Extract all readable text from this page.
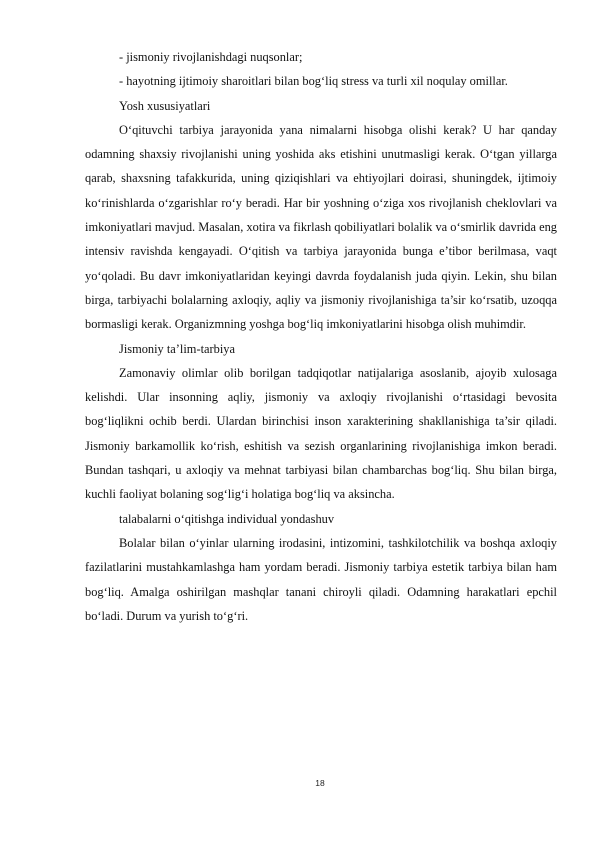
- jismoniy rivojlanishdagi nuqsonlar;

- hayotning ijtimoiy sharoitlari bilan bog‘liq stress va turli xil noqulay omillar.

Yosh xususiyatlari

O‘qituvchi tarbiya jarayonida yana nimalarni hisobga olishi kerak? U har qanday odamning shaxsiy rivojlanishi uning yoshida aks etishini unutmasligi kerak. O‘tgan yillarga qarab, shaxsning tafakkurida, uning qiziqishlari va ehtiyojlari doirasi, shuningdek, ijtimoiy ko‘rinishlarda o‘zgarishlar ro‘y beradi. Har bir yoshning o‘ziga xos rivojlanish cheklovlari va imkoniyatlari mavjud. Masalan, xotira va fikrlash qobiliyatlari bolalik va o‘smirlik davrida eng intensiv ravishda kengayadi. O‘qitish va tarbiya jarayonida bunga e’tibor berilmasa, vaqt yo‘qoladi. Bu davr imkoniyatlaridan keyingi davrda foydalanish juda qiyin. Lekin, shu bilan birga, tarbiyachi bolalarning axloqiy, aqliy va jismoniy rivojlanishiga ta’sir ko‘rsatib, uzoqqa bormasligi kerak. Organizmning yoshga bog‘liq imkoniyatlarini hisobga olish muhimdir.

Jismoniy ta’lim-tarbiya

Zamonaviy olimlar olib borilgan tadqiqotlar natijalariga asoslanib, ajoyib xulosaga kelishdi. Ular insonning aqliy, jismoniy va axloqiy rivojlanishi o‘rtasidagi bevosita bog‘liqlikni ochib berdi. Ulardan birinchisi inson xarakterining shakllanishiga ta’sir qiladi. Jismoniy barkamollik ko‘rish, eshitish va sezish organlarining rivojlanishiga imkon beradi. Bundan tashqari, u axloqiy va mehnat tarbiyasi bilan chambarchas bog‘liq. Shu bilan birga, kuchli faoliyat bolaning sog‘lig‘i holatiga bog‘liq va aksincha.

talabalarni o‘qitishga individual yondashuv

Bolalar bilan o‘yinlar ularning irodasini, intizomini, tashkilotchilik va boshqa axloqiy fazilatlarini mustahkamlashga ham yordam beradi. Jismoniy tarbiya estetik tarbiya bilan ham bog‘liq. Amalga oshirilgan mashqlar tanani chiroyli qiladi. Odamning harakatlari epchil bo‘ladi. Durum va yurish to‘g‘ri.

18
